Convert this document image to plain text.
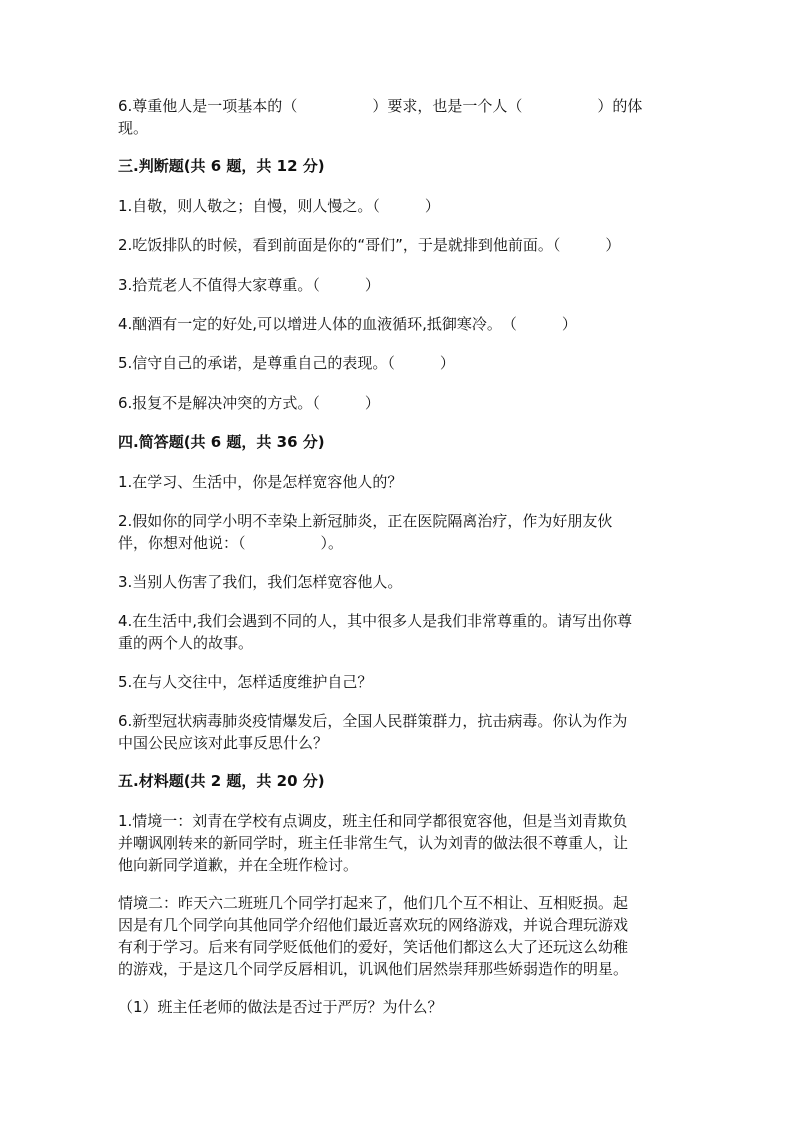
6.尊重他人是一项基本的（　　　　　）要求，也是一个人（　　　　　）的体

现。

三.判断题(共 6 题，共 12 分)

1.自敬，则人敬之；自慢，则人慢之。（　　　）

2.吃饭排队的时候，看到前面是你的“哥们”，于是就排到他前面。（　　　）

3.拾荒老人不值得大家尊重。（　　　）

4.酗酒有一定的好处,可以增进人体的血液循环,抵御寒冷。　（　　　）

5.信守自己的承诺，是尊重自己的表现。（　　　）

6.报复不是解决冲突的方式。（　　　）

四.简答题(共 6 题，共 36 分)

1.在学习、生活中，你是怎样宽容他人的？

2.假如你的同学小明不幸染上新冠肺炎，正在医院隔离治疗，作为好朋友伙

伴，你想对他说：（　　　　　）。

3.当别人伤害了我们，我们怎样宽容他人。

4.在生活中,我们会遇到不同的人，其中很多人是我们非常尊重的。请写出你尊

重的两个人的故事。

5.在与人交往中，怎样适度维护自己？

6.新型冠状病毒肺炎疫情爆发后，全国人民群策群力，抗击病毒。你认为作为

中国公民应该对此事反思什么？

五.材料题(共 2 题，共 20 分)

1.情境一：刘青在学校有点调皮，班主任和同学都很宽容他，但是当刘青欺负

并嘲讽刚转来的新同学时，班主任非常生气，认为刘青的做法很不尊重人，让

他向新同学道歉，并在全班作检讨。

情境二：昨天六二班班几个同学打起来了，他们几个互不相让、互相贬损。起

因是有几个同学向其他同学介绍他们最近喜欢玩的网络游戏，并说合理玩游戏

有利于学习。后来有同学贬低他们的爱好，笑话他们都这么大了还玩这么幼稚

的游戏，于是这几个同学反唇相讥，讥讽他们居然崇拜那些娇弱造作的明星。

（1）班主任老师的做法是否过于严厉？为什么？
